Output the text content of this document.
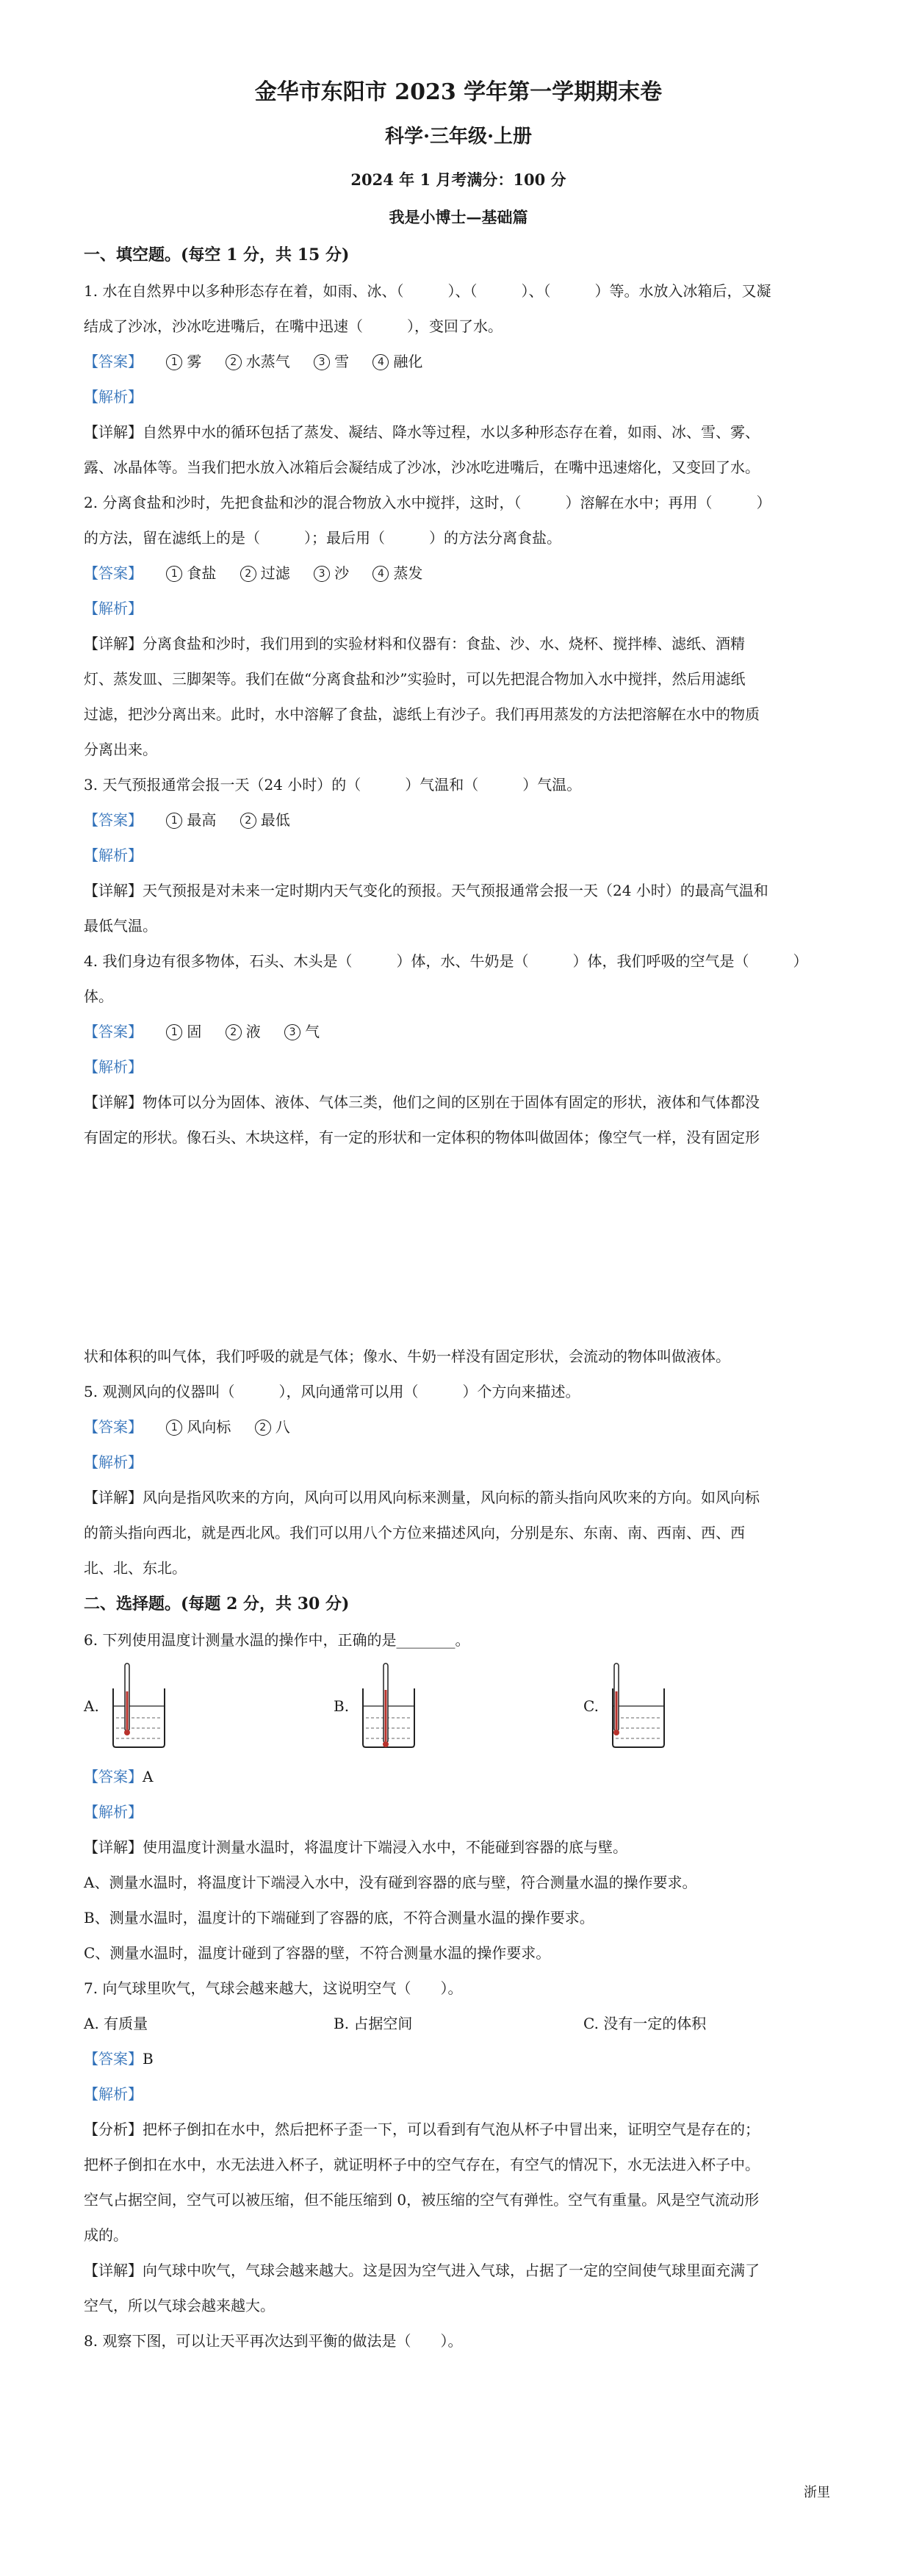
金华市东阳市 2023 学年第一学期期末卷

科学·三年级·上册

2024 年 1 月考满分：100 分

我是小博士—基础篇

一、填空题。(每空 1 分，共 15 分)

1. 水在自然界中以多种形态存在着，如雨、冰、（　　　）、（　　　）、（　　　）等。水放入冰箱后，又凝

结成了沙冰，沙冰吃进嘴后，在嘴中迅速（　　　），变回了水。

【答案】	1 雾	2 水蒸气	3 雪	4 融化

【解析】

【详解】自然界中水的循环包括了蒸发、凝结、降水等过程，水以多种形态存在着，如雨、冰、雪、雾、

露、冰晶体等。当我们把水放入冰箱后会凝结成了沙冰，沙冰吃进嘴后，在嘴中迅速熔化，又变回了水。

2. 分离食盐和沙时，先把食盐和沙的混合物放入水中搅拌，这时，（　　　）溶解在水中；再用（　　　）

的方法，留在滤纸上的是（　　　）；最后用（　　　）的方法分离食盐。

【答案】	1 食盐	2 过滤	3 沙	4 蒸发

【解析】

【详解】分离食盐和沙时，我们用到的实验材料和仪器有：食盐、沙、水、烧杯、搅拌棒、滤纸、酒精

灯、蒸发皿、三脚架等。我们在做“分离食盐和沙”实验时，可以先把混合物加入水中搅拌，然后用滤纸

过滤，把沙分离出来。此时，水中溶解了食盐，滤纸上有沙子。我们再用蒸发的方法把溶解在水中的物质

分离出来。

3. 天气预报通常会报一天（24 小时）的（　　　）气温和（　　　）气温。

【答案】	1 最高	2 最低

【解析】

【详解】天气预报是对未来一定时期内天气变化的预报。天气预报通常会报一天（24 小时）的最高气温和

最低气温。

4. 我们身边有很多物体，石头、木头是（　　　）体，水、牛奶是（　　　）体，我们呼吸的空气是（　　　）

体。

【答案】	1 固	2 液	3 气

【解析】

【详解】物体可以分为固体、液体、气体三类，他们之间的区别在于固体有固定的形状，液体和气体都没

有固定的形状。像石头、木块这样，有一定的形状和一定体积的物体叫做固体；像空气一样，没有固定形

状和体积的叫气体，我们呼吸的就是气体；像水、牛奶一样没有固定形状，会流动的物体叫做液体。

5. 观测风向的仪器叫（　　　），风向通常可以用（　　　）个方向来描述。

【答案】	1 风向标	2 八

【解析】

【详解】风向是指风吹来的方向，风向可以用风向标来测量，风向标的箭头指向风吹来的方向。如风向标

的箭头指向西北，就是西北风。我们可以用八个方位来描述风向，分别是东、东南、南、西南、西、西

北、北、东北。

二、选择题。(每题 2 分，共 30 分)

6. 下列使用温度计测量水温的操作中，正确的是________。

A.	B.	C.

【答案】A

【解析】

【详解】使用温度计测量水温时，将温度计下端浸入水中，不能碰到容器的底与壁。

A、测量水温时，将温度计下端浸入水中，没有碰到容器的底与壁，符合测量水温的操作要求。

B、测量水温时，温度计的下端碰到了容器的底，不符合测量水温的操作要求。

C、测量水温时，温度计碰到了容器的壁，不符合测量水温的操作要求。

7. 向气球里吹气，气球会越来越大，这说明空气（　　）。

A. 有质量	B. 占据空间	C. 没有一定的体积

【答案】B

【解析】

【分析】把杯子倒扣在水中，然后把杯子歪一下，可以看到有气泡从杯子中冒出来，证明空气是存在的；

把杯子倒扣在水中，水无法进入杯子，就证明杯子中的空气存在，有空气的情况下，水无法进入杯子中。

空气占据空间，空气可以被压缩，但不能压缩到 0，被压缩的空气有弹性。空气有重量。风是空气流动形

成的。

【详解】向气球中吹气，气球会越来越大。这是因为空气进入气球，占据了一定的空间使气球里面充满了

空气，所以气球会越来越大。

8. 观察下图，可以让天平再次达到平衡的做法是（　　）。

浙里
